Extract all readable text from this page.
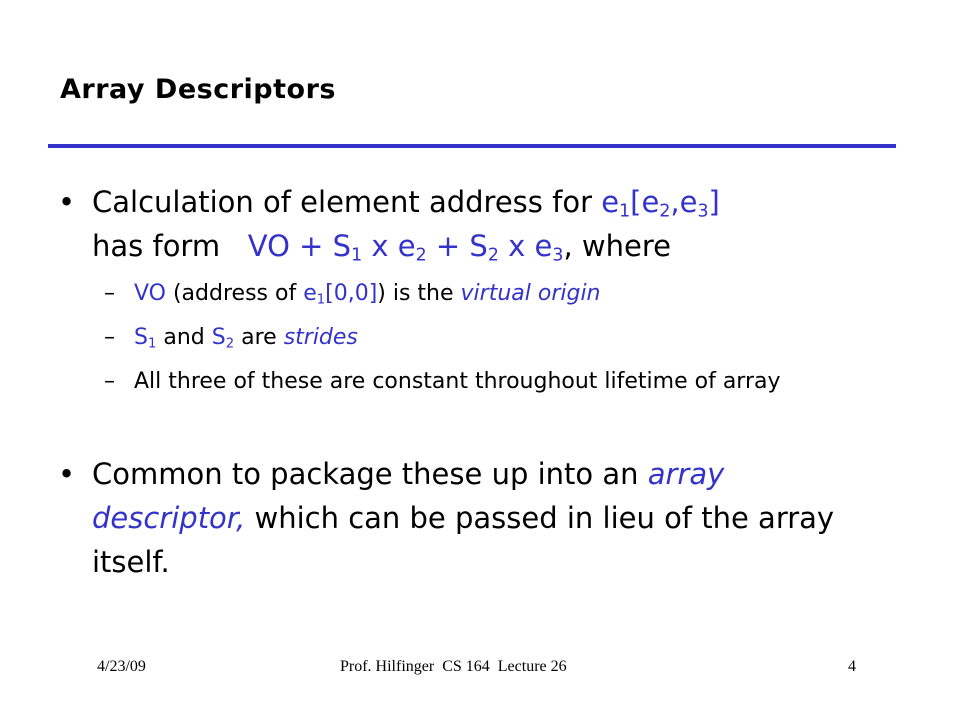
Array Descriptors
• Calculation of element address for $e_1[e_2,e_3]$
has form VO + $S_1$ x $e_2 + S_2$ x $e_3$, where
– VO (address of $e_1[0,0]$) is the virtual origin
– $S_1$ and $S_2$ are strides
– All three of these are constant throughout lifetime of array
• Common to package these up into an array descriptor, which can be passed in lieu of the array itself.
4/23/09	Prof. Hilfinger  CS 164  Lecture 26	4
